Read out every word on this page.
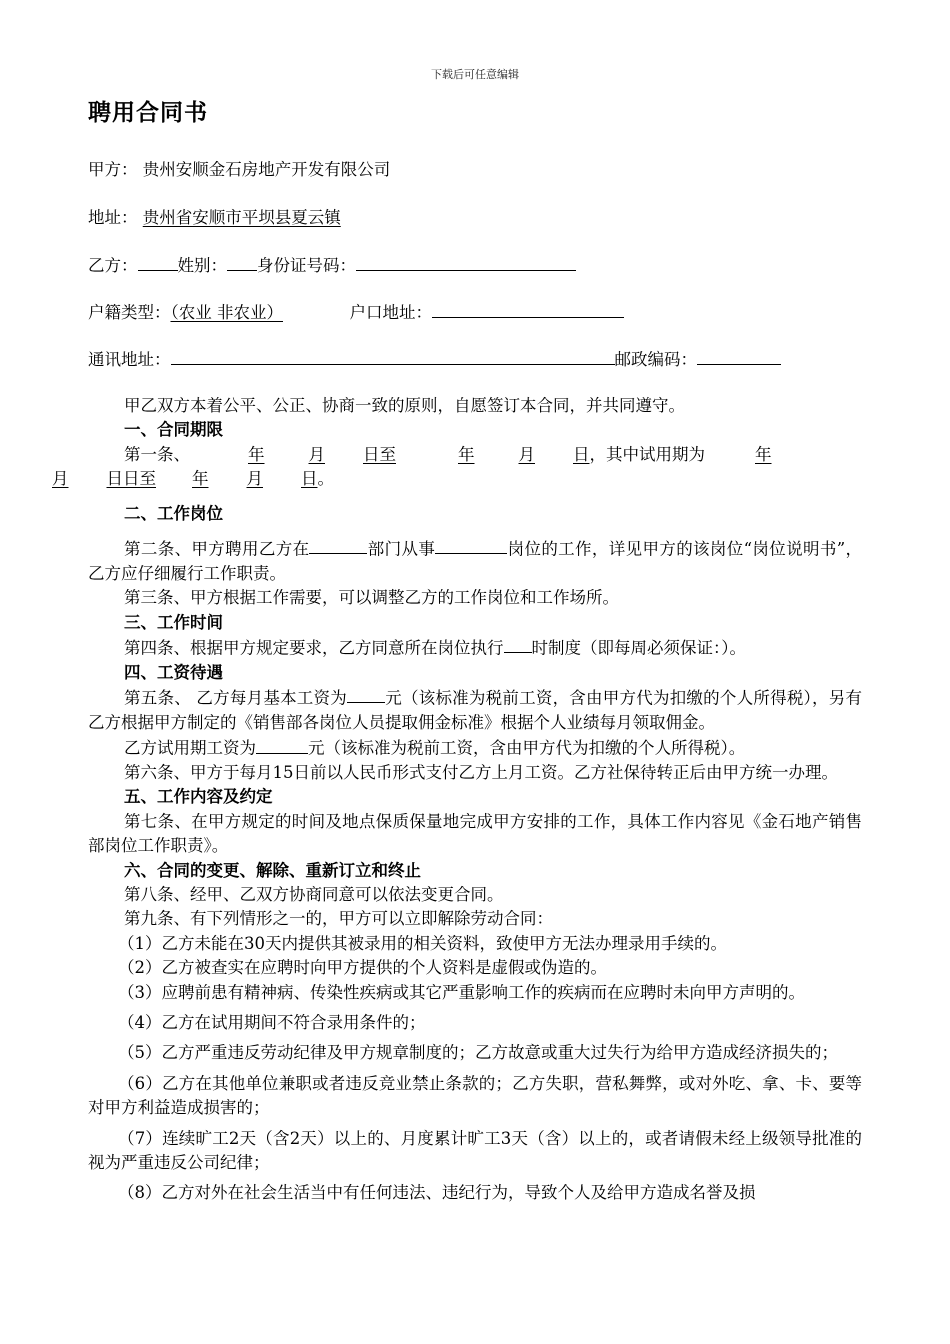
下载后可任意编辑
聘用合同书
甲方： 贵州安顺金石房地产开发有限公司
地址： 贵州省安顺市平坝县夏云镇
乙方： 姓别： 身份证号码：
户籍类型：（农业 非农业）	户口地址：
通讯地址：	邮政编码：

甲乙双方本着公平、公正、协商一致的原则，自愿签订本合同，并共同遵守。

一、合同期限

第一条、	年	月 日至	年	月 日，其中试用期为	年
月 日日至 年 月 日。

二、工作岗位

第二条、甲方聘用乙方在	部门从事	岗位的工作，详见甲方的该岗位“岗位说明书”，乙方应仔细履行工作职责。

第三条、甲方根据工作需要，可以调整乙方的工作岗位和工作场所。

三、工作时间

第四条、根据甲方规定要求，乙方同意所在岗位执行 时制度（即每周必须保证：）。

四、工资待遇

第五条、 乙方每月基本工资为 元（该标准为税前工资，含由甲方代为扣缴的个人所得税），另有乙方根据甲方制定的《销售部各岗位人员提取佣金标准》根据个人业绩每月领取佣金。

乙方试用期工资为	元（该标准为税前工资，含由甲方代为扣缴的个人所得税）。

第六条、甲方于每月15日前以人民币形式支付乙方上月工资。乙方社保待转正后由甲方统一办理。

五、工作内容及约定

第七条、在甲方规定的时间及地点保质保量地完成甲方安排的工作，具体工作内容见《金石地产销售部岗位工作职责》。

六、合同的变更、解除、重新订立和终止

第八条、经甲、乙双方协商同意可以依法变更合同。

第九条、有下列情形之一的，甲方可以立即解除劳动合同：

（1）乙方未能在30天内提供其被录用的相关资料，致使甲方无法办理录用手续的。

（2）乙方被查实在应聘时向甲方提供的个人资料是虚假或伪造的。

（3）应聘前患有精神病、传染性疾病或其它严重影响工作的疾病而在应聘时未向甲方声明的。

（4）乙方在试用期间不符合录用条件的；

（5）乙方严重违反劳动纪律及甲方规章制度的；乙方故意或重大过失行为给甲方造成经济损失的；

（6）乙方在其他单位兼职或者违反竞业禁止条款的；乙方失职，营私舞弊，或对外吃、拿、卡、要等对甲方利益造成损害的；

（7）连续旷工2天（含2天）以上的、月度累计旷工3天（含）以上的，或者请假未经上级领导批准的视为严重违反公司纪律；

（8）乙方对外在社会生活当中有任何违法、违纪行为，导致个人及给甲方造成名誉及损
